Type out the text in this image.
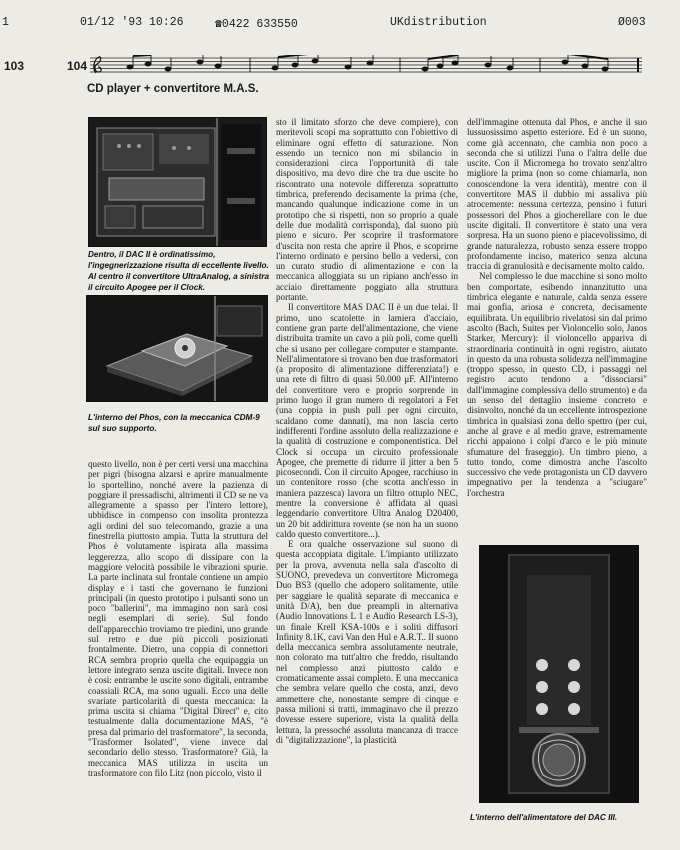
1	01/12 '93 10:26	☎0422 633550	UKdistribution	Ø003
103	104
CD player + convertitore M.A.S.
Dentro, il DAC II è ordinatissimo, l'ingegnerizzazione risulta di eccellente livello. Al centro il convertitore UltraAnalog, a sinistra il circuito Apogee per il Clock.
L'interno del Phos, con la meccanica CDM-9 sul suo supporto.

questo livello, non è per certi versi una macchina per pigri (bisogna alzarsi e aprire manualmente lo sportellino, nonché avere la pazienza di poggiare il pressadischi, altrimenti il CD se ne va allegramente a spasso per l'intero lettore), ubbidisce in compenso con insolita prontezza agli ordini del suo telecomando, grazie a una finestrella piuttosto ampia. Tutta la struttura del Phos è volutamente ispirata alla massima leggerezza, allo scopo di dissipare con la maggiore velocità possibile le vibrazioni spurie. La parte inclinata sul frontale contiene un ampio display e i tasti che governano le funzioni principali (in questo prototipo i pulsanti sono un poco "ballerini", ma immagino non sarà così negli esemplari di serie). Sul fondo dell'apparecchio troviamo tre piedini, uno grande sul retro e due più piccoli posizionati frontalmente. Dietro, una coppia di connettori RCA sembra proprio quella che equipaggia un lettore integrato senza uscite digitali. Invece non è così: entrambe le uscite sono digitali, entrambe coassiali RCA, ma sono uguali. Ecco una delle svariate particolarità di questa meccanica: la prima uscita si chiama "Digital Direct" e, cito testualmente dalla documentazione MAS, "è presa dal primario del trasformatore", la seconda, "Trasformer Isolated", viene invece dal secondario dello stesso. Trasformatore? Già, la meccanica MAS utilizza in uscita un trasformatore con filo Litz (non piccolo, visto il

sto il limitato sforzo che deve compiere), con meritevoli scopi ma soprattutto con l'obiettivo di eliminare ogni effetto di saturazione. Non essendo un tecnico non mi sbilancio in considerazioni circa l'opportunità di tale dispositivo, ma devo dire che tra due uscite ho riscontrato una notevole differenza soprattutto timbrica, preferendo decisamente la prima (che, mancando qualunque indicazione come in un prototipo che si rispetti, non so proprio a quale delle due modalità corrisponda), dal suono più pieno e sicuro. Per scoprire il trasformatore d'uscita non resta che aprire il Phos, e scoprirne l'interno ordinato e persino bello a vedersi, con un curato studio di alimentazione e con la meccanica alloggiata su un ripiano anch'esso in acciaio direttamente poggiato alla struttura portante.

Il convertitore MAS DAC II è un due telai. Il primo, uno scatolette in lamiera d'acciaio, contiene gran parte dell'alimentazione, che viene distribuita tramite un cavo a più poli, come quelli che si usano per collegare computer e stampante. Nell'alimentatore si trovano ben due trasformatori (a proposito di alimentazione differenziata!) e una rete di filtro di quasi 50.000 μF. All'interno del convertitore vero e proprio sorprende in primo luogo il gran numero di regolatori a Fet (una coppia in push pull per ogni circuito, scaldano come dannati), ma non lascia certo indifferenti l'ordine assoluto della realizzazione e la qualità di costruzione e componentistica. Del Clock si occupa un circuito professionale Apogee, che premette di ridurre il jitter a ben 5 picosecondi. Con il circuito Apogee, racchiuso in un contenitore rosso (che scotta anch'esso in maniera pazzesca) lavora un filtro ottuplo NEC, mentre la conversione è affidata al quasi leggendario convertitore Ultra Analog D20400, un 20 bit addirittura rovente (se non ha un suono caldo questo convertitore...).

E ora qualche osservazione sul suono di questa accoppiata digitale. L'impianto utilizzato per la prova, avvenuta nella sala d'ascolto di SUONO, prevedeva un convertitore Micromega Duo BS3 (quello che adopero solitamente, utile per saggiare le qualità separate di meccanica e unità D/A), ben due preampli in alternativa (Audio Innovations L 1 e Audio Research LS-3), un finale Krell KSA-100s e i soliti diffusori Infinity 8.1K, cavi Van den Hul e A.R.T.. Il suono della meccanica sembra assolutamente neutrale, non colorato ma tutt'altro che freddo, risultando nel complesso anzi piuttosto caldo e cromaticamente assai completo. E una meccanica che sembra velare quello che costa, anzi, devo ammettere che, nonostante sempre di cinque e passa milioni si tratti, immaginavo che il prezzo dovesse essere superiore, vista la qualità della lettura, la pressoché assoluta mancanza di tracce di "digitalizzazione", la plasticità

dell'immagine ottenuta dal Phos, e anche il suo lussuosissimo aspetto esteriore. Ed è un suono, come già accennato, che cambia non poco a seconda che si utilizzi l'una o l'altra delle due uscite. Con il Micromega ho trovato senz'altro migliore la prima (non so come chiamarla, non conoscendone la vera identità), mentre con il convertitore MAS il dubbio mi assaliva più atrocemente: nessuna certezza, pensino i futuri possessori del Phos a giocherellare con le due uscite digitali. Il convertitore è stato una vera sorpresa. Ha un suono pieno e piacevolissimo, di grande naturalezza, robusto senza essere troppo profondamente inciso, materico senza alcuna traccia di granulosità e decisamente molto caldo.

Nel complesso le due macchine si sono molto ben comportate, esibendo innanzitutto una timbrica elegante e naturale, calda senza essere mai gonfia, ariosa e concreta, decisamente equilibrata. Un equilibrio rivelatosi sin dal primo ascolto (Bach, Suites per Violoncello solo, Janos Starker, Mercury): il violoncello appariva di straordinaria continuità in ogni registro, aiutato in questo da una robusta solidezza nell'immagine (troppo spesso, in questo CD, i passaggi nel registro acuto tendono a "dissociarsi" dall'immagine complessiva dello strumento) e da un senso del dettaglio insieme concreto e disinvolto, nonché da un eccellente introspezione timbrica in qualsiasi zona dello spettro (per cui, anche al grave e al medio grave, estremamente ricchi appaiono i colpi d'arco e le più minute sfumature del fraseggio). Un timbro pieno, a tutto tondo, come dimostra anche l'ascolto successivo che vede protagonista un CD davvero impegnativo per la tendenza a "sciugare" l'orchestra

L'interno dell'alimentatore del DAC III.
